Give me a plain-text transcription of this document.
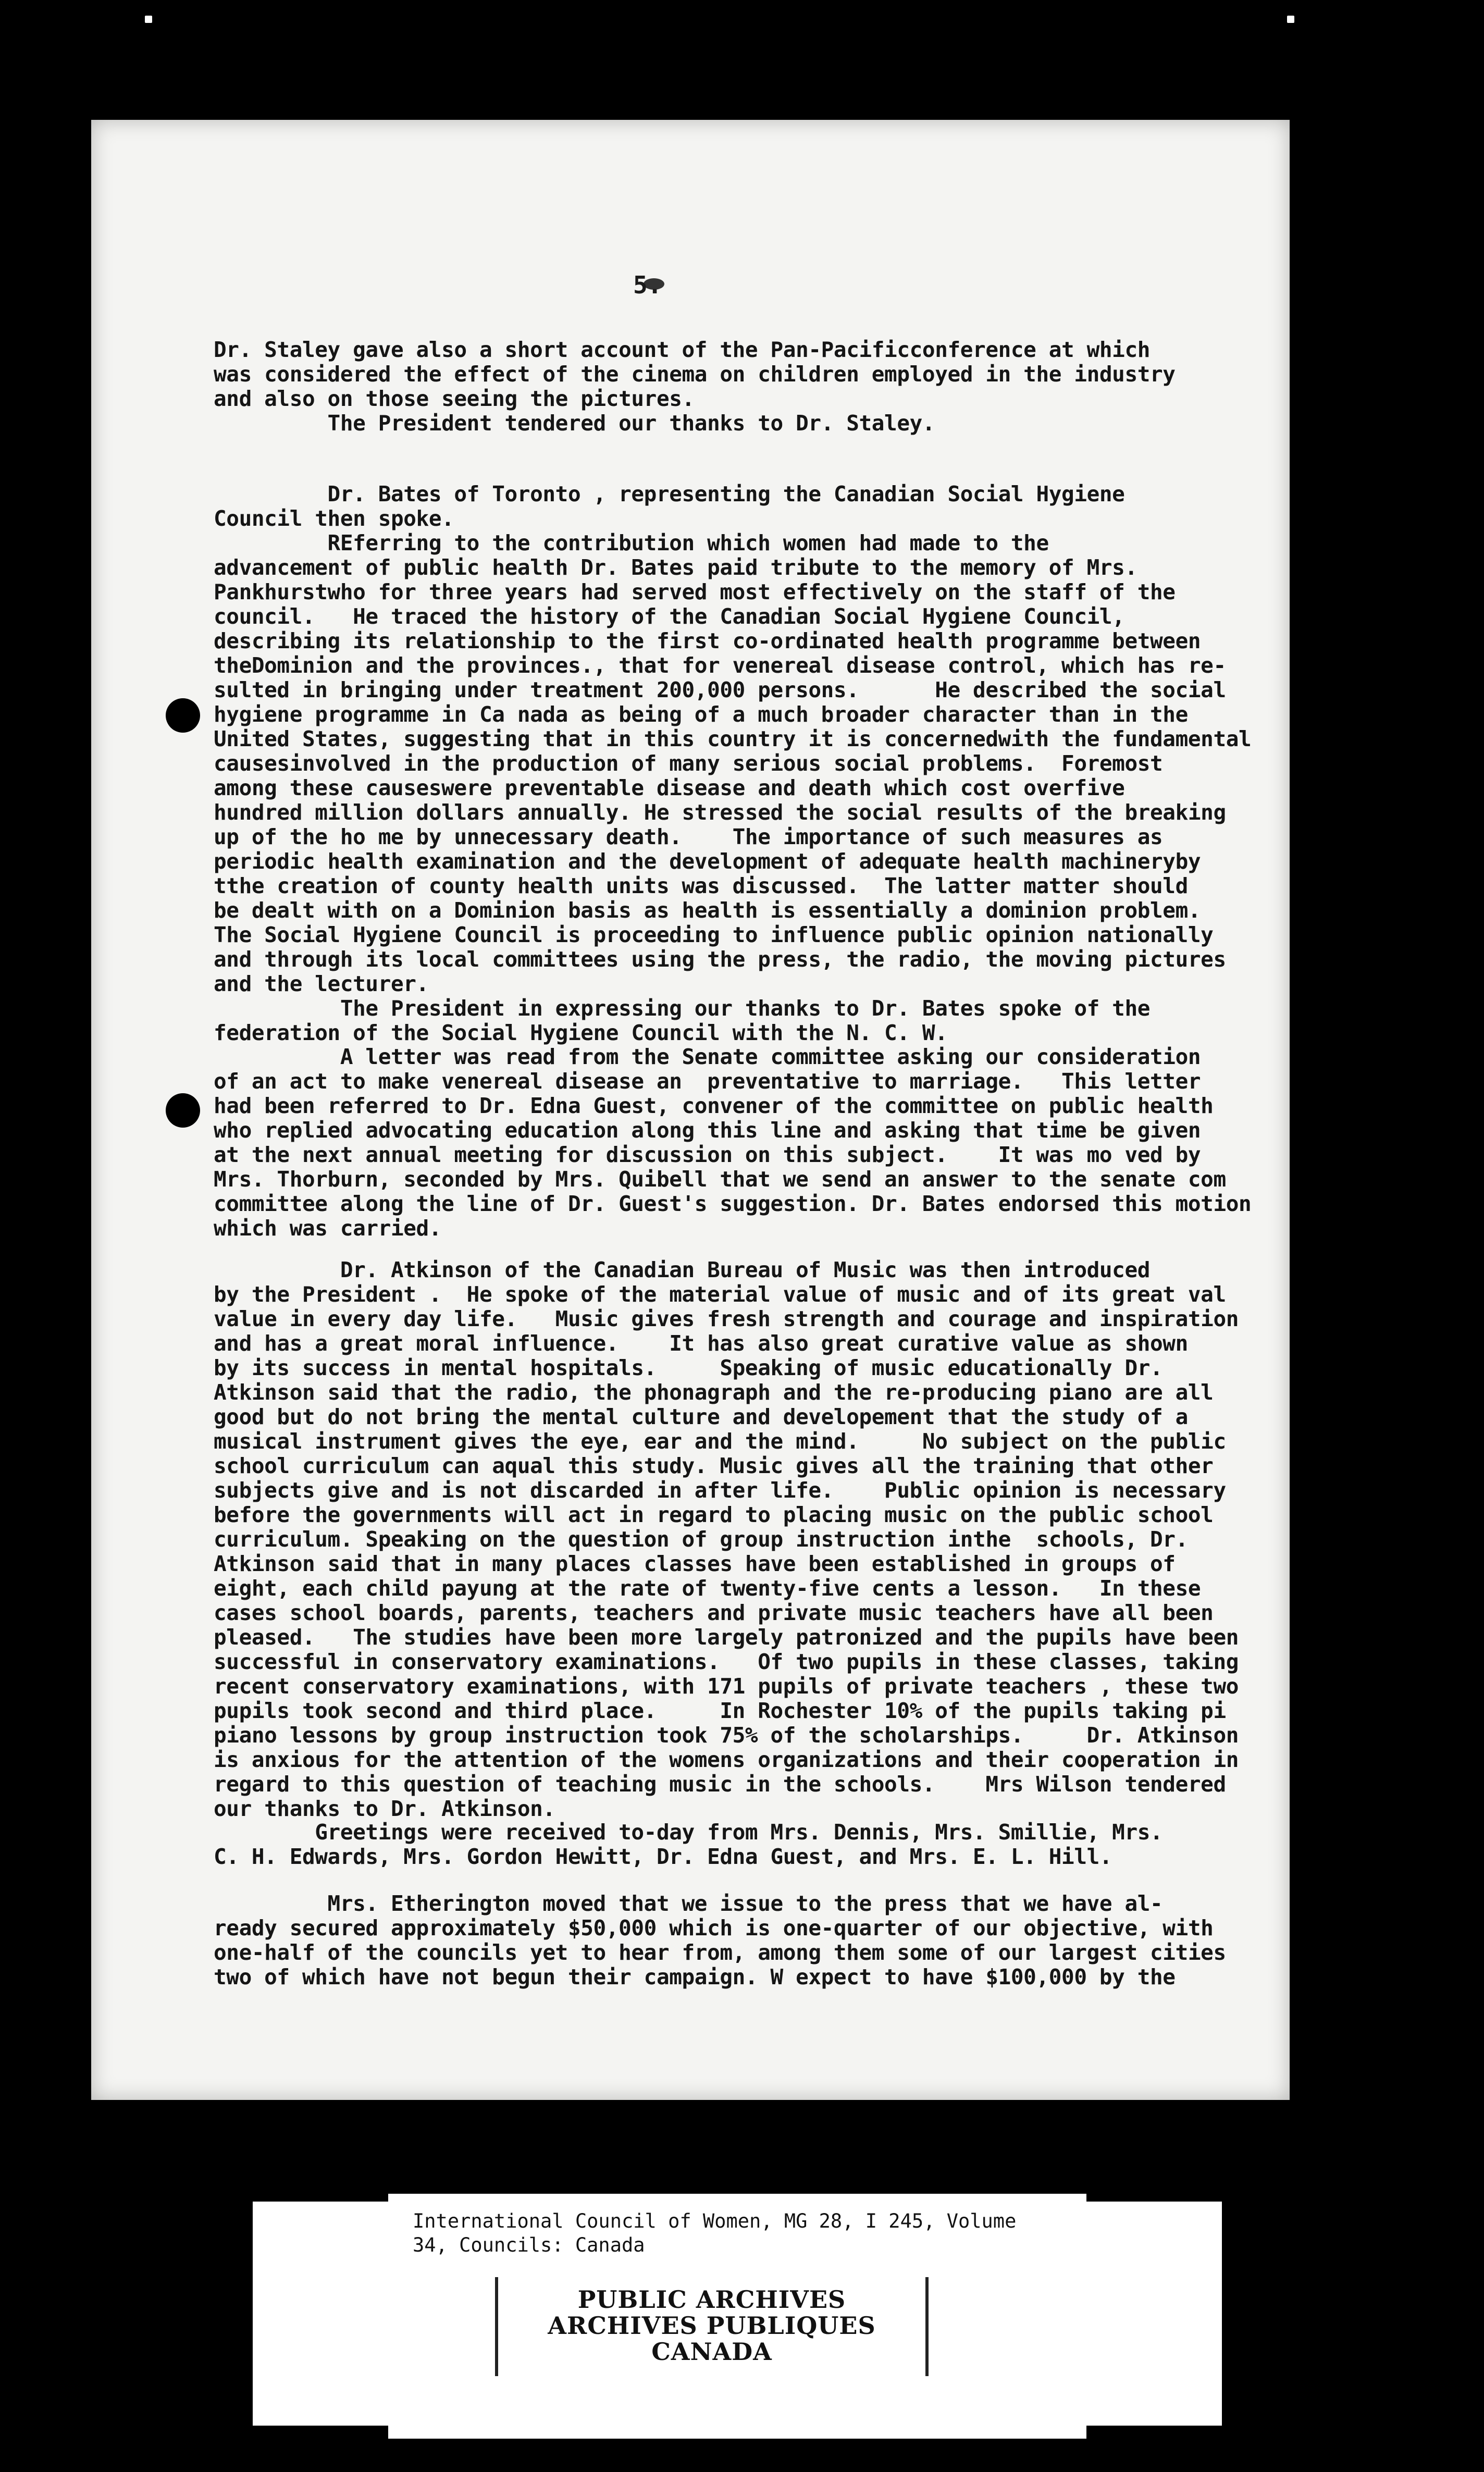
5.
Dr. Staley gave also a short account of the Pan-Pacificconference at which
was considered the effect of the cinema on children employed in the industry
and also on those seeing the pictures.
The President tendered our thanks to Dr. Staley.
Dr. Bates of Toronto , representing the Canadian Social Hygiene
Council then spoke.
REferring to the contribution which women had made to the
advancement of public health Dr. Bates paid tribute to the memory of Mrs.
Pankhurstwho for three years had served most effectively on the staff of the
council.   He traced the history of the Canadian Social Hygiene Council,
describing its relationship to the first co-ordinated health programme between
theDominion and the provinces., that for venereal disease control, which has re-
sulted in bringing under treatment 200,000 persons.      He described the social
hygiene programme in Ca nada as being of a much broader character than in the
United States, suggesting that in this country it is concernedwith the fundamental
causesinvolved in the production of many serious social problems.  Foremost
among these causeswere preventable disease and death which cost overfive
hundred million dollars annually. He stressed the social results of the breaking
up of the ho me by unnecessary death.    The importance of such measures as
periodic health examination and the development of adequate health machineryby
tthe creation of county health units was discussed.  The latter matter should
be dealt with on a Dominion basis as health is essentially a dominion problem.
The Social Hygiene Council is proceeding to influence public opinion nationally
and through its local committees using the press, the radio, the moving pictures
and the lecturer.
The President in expressing our thanks to Dr. Bates spoke of the
federation of the Social Hygiene Council with the N. C. W.
A letter was read from the Senate committee asking our consideration
of an act to make venereal disease an  preventative to marriage.   This letter
had been referred to Dr. Edna Guest, convener of the committee on public health
who replied advocating education along this line and asking that time be given
at the next annual meeting for discussion on this subject.    It was mo ved by
Mrs. Thorburn, seconded by Mrs. Quibell that we send an answer to the senate com
committee along the line of Dr. Guest's suggestion. Dr. Bates endorsed this motion
which was carried.
Dr. Atkinson of the Canadian Bureau of Music was then introduced
by the President .  He spoke of the material value of music and of its great val
value in every day life.   Music gives fresh strength and courage and inspiration
and has a great moral influence.    It has also great curative value as shown
by its success in mental hospitals.     Speaking of music educationally Dr.
Atkinson said that the radio, the phonagraph and the re-producing piano are all
good but do not bring the mental culture and developement that the study of a
musical instrument gives the eye, ear and the mind.     No subject on the public
school curriculum can aqual this study. Music gives all the training that other
subjects give and is not discarded in after life.    Public opinion is necessary
before the governments will act in regard to placing music on the public school
curriculum. Speaking on the question of group instruction inthe  schools, Dr.
Atkinson said that in many places classes have been established in groups of
eight, each child payung at the rate of twenty-five cents a lesson.   In these
cases school boards, parents, teachers and private music teachers have all been
pleased.   The studies have been more largely patronized and the pupils have been
successful in conservatory examinations.   Of two pupils in these classes, taking
recent conservatory examinations, with 171 pupils of private teachers , these two
pupils took second and third place.     In Rochester 10% of the pupils taking pi
piano lessons by group instruction took 75% of the scholarships.     Dr. Atkinson
is anxious for the attention of the womens organizations and their cooperation in
regard to this question of teaching music in the schools.    Mrs Wilson tendered
our thanks to Dr. Atkinson.
Greetings were received to-day from Mrs. Dennis, Mrs. Smillie, Mrs.
C. H. Edwards, Mrs. Gordon Hewitt, Dr. Edna Guest, and Mrs. E. L. Hill.
Mrs. Etherington moved that we issue to the press that we have al-
ready secured approximately $50,000 which is one-quarter of our objective, with
one-half of the councils yet to hear from, among them some of our largest cities
two of which have not begun their campaign. W expect to have $100,000 by the
International Council of Women, MG 28, I 245, Volume
34, Councils: Canada
PUBLIC ARCHIVES
ARCHIVES PUBLIQUES
CANADA
